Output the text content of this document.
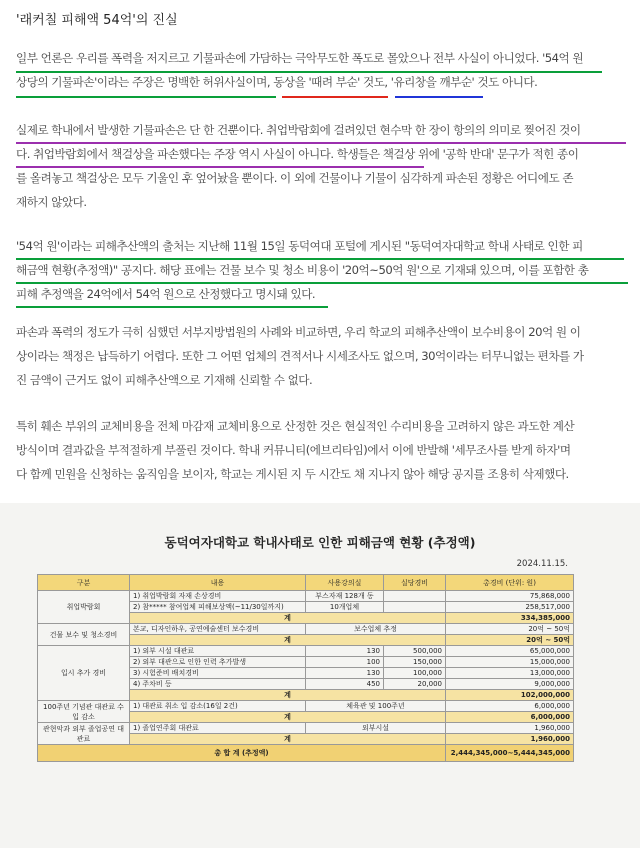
'래커칠 피해액 54억'의 진실
일부 언론은 우리를 폭력을 저지르고 기물파손에 가담하는 극악무도한 폭도로 몰았으나 전부 사실이 아니었다. '54억 원
상당의 기물파손'이라는 주장은 명백한 허위사실이며, 동상을 '때려 부순' 것도, '유리창을 깨부순' 것도 아니다.
실제로 학내에서 발생한 기물파손은 단 한 건뿐이다. 취업박람회에 걸려있던 현수막 한 장이 항의의 의미로 찢어진 것이
다. 취업박람회에서 책걸상을 파손했다는 주장 역시 사실이 아니다. 학생들은 책걸상 위에 '공학 반대' 문구가 적힌 종이
를 올려놓고 책걸상은 모두 기울인 후 엎어놨을 뿐이다. 이 외에 건물이나 기물이 심각하게 파손된 정황은 어디에도 존
재하지 않았다.
'54억 원'이라는 피해추산액의 출처는 지난해 11월 15일 동덕여대 포털에 게시된 "동덕여자대학교 학내 사태로 인한 피
해금액 현황(추정액)" 공지다. 해당 표에는 건물 보수 및 청소 비용이 '20억~50억 원'으로 기재돼 있으며, 이를 포함한 총
피해 추정액을 24억에서 54억 원으로 산정했다고 명시돼 있다.
파손과 폭력의 정도가 극히 심했던 서부지방법원의 사례와 비교하면, 우리 학교의 피해추산액이 보수비용이 20억 원 이
상이라는 책정은 납득하기 어렵다. 또한 그 어떤 업체의 견적서나 시세조사도 없으며, 30억이라는 터무니없는 편차를 가
진 금액이 근거도 없이 피해추산액으로 기재해 신뢰할 수 없다.
특히 훼손 부위의 교체비용을 전체 마감재 교체비용으로 산정한 것은 현실적인 수리비용을 고려하지 않은 과도한 계산
방식이며 결과값을 부적절하게 부풀린 것이다. 학내 커뮤니티(에브리타임)에서 이에 반발해 '세무조사를 받게 하자'며
다 함께 민원을 신청하는 움직임을 보이자, 학교는 게시된 지 두 시간도 채 지나지 않아 해당 공지를 조용히 삭제했다.
동덕여자대학교 학내사태로 인한 피해금액 현황 (추정액)
2024.11.15.
구분	내용	사용강의실	실당경비	총경비 (단위: 원)
취업박람회	1) 취업박람회 자재 손상경비	부스자재 128개 동		75,868,000
	2) 참***** 참여업체 피해보상액(~11/30일까지)	10개업체		258,517,000
	계			334,385,000
건물 보수 및 청소경비	본교, 디자인하우, 공연예술센터 보수경비	보수업체 추정		20억 ~ 50억
	계			20억 ~ 50억
입시 추가 경비	1) 외부 시설 대관료	130	500,000	65,000,000
	2) 외부 대관으로 인한 인력 추가발생	100	150,000	15,000,000
	3) 시험준비 배치경비	130	100,000	13,000,000
	4) 주차비 등	450	20,000	9,000,000
	계			102,000,000
100주년 기념관 대관료 수입 감소	1) 대관료 취소 입 감소(16일 2건)	체육관 및 100주년		6,000,000
	계			6,000,000
관현악과 외부 졸업공연 대관료	1) 졸업연주회 대관료	외부시설		1,960,000
	계			1,960,000
총 합 계 (추정액)				2,444,345,000~5,444,345,000
